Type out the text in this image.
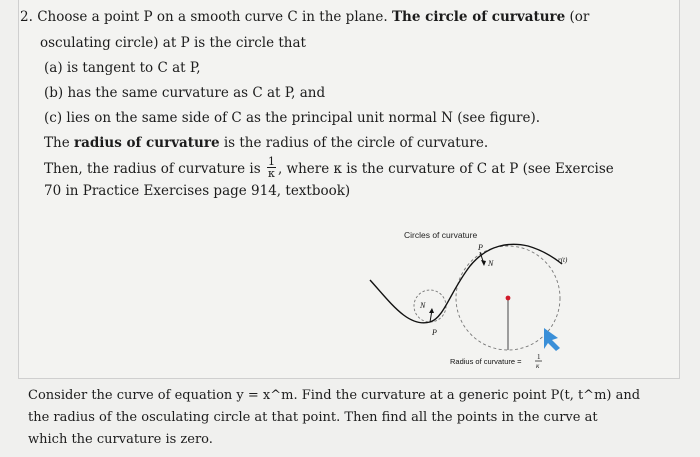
2. Choose a point P on a smooth curve C in the plane. The circle of curvature (or
osculating circle) at P is the circle that
(a) is tangent to C at P,
(b) has the same curvature as C at P, and
(c) lies on the same side of C as the principal unit normal N (see figure).
The radius of curvature is the radius of the circle of curvature.
Then, the radius of curvature is $\frac{1}{\kappa}$ , where κ is the curvature of C at P (see Exercise
70 in Practice Exercises page 914, textbook)
Circles of curvature
P
N	r(t)
N
P
Radius of curvature = 1
κ
Consider the curve of equation y = x^m. Find the curvature at a generic point P(t, t^m) and
the radius of the osculating circle at that point. Then find all the points in the curve at
which the curvature is zero.
